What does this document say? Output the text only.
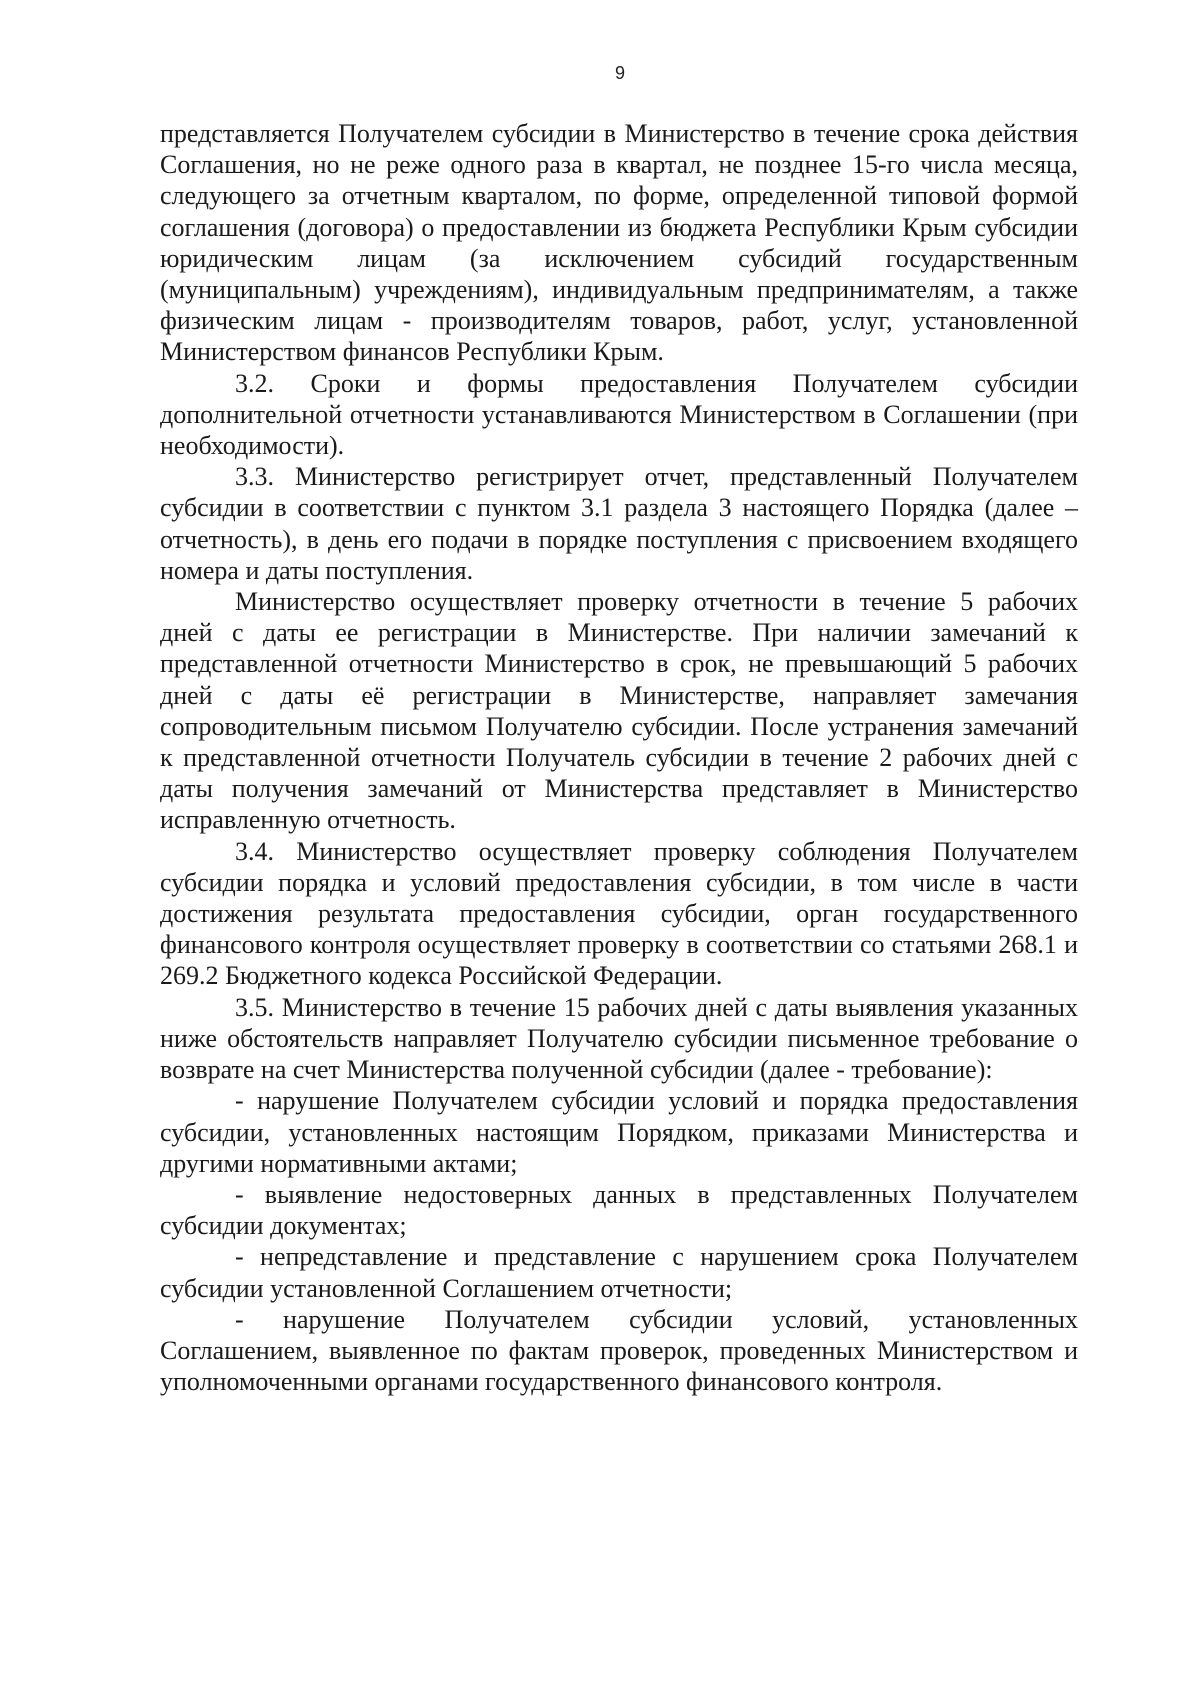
9

представляется Получателем субсидии в Министерство в течение срока действия Соглашения, но не реже одного раза в квартал, не позднее 15-го числа месяца, следующего за отчетным кварталом, по форме, определенной типовой формой соглашения (договора) о предоставлении из бюджета Республики Крым субсидии юридическим лицам (за исключением субсидий государственным (муниципальным) учреждениям), индивидуальным предпринимателям, а также физическим лицам - производителям товаров, работ, услуг, установленной Министерством финансов Республики Крым.

3.2. Сроки и формы предоставления Получателем субсидии дополнительной отчетности устанавливаются Министерством в Соглашении (при необходимости).

3.3. Министерство регистрирует отчет, представленный Получателем субсидии в соответствии с пунктом 3.1 раздела 3 настоящего Порядка (далее – отчетность), в день его подачи в порядке поступления с присвоением входящего номера и даты поступления.

Министерство осуществляет проверку отчетности в течение 5 рабочих дней с даты ее регистрации в Министерстве. При наличии замечаний к представленной отчетности Министерство в срок, не превышающий 5 рабочих дней с даты её регистрации в Министерстве, направляет замечания сопроводительным письмом Получателю субсидии. После устранения замечаний к представленной отчетности Получатель субсидии в течение 2 рабочих дней с даты получения замечаний от Министерства представляет в Министерство исправленную отчетность.

3.4. Министерство осуществляет проверку соблюдения Получателем субсидии порядка и условий предоставления субсидии, в том числе в части достижения результата предоставления субсидии, орган государственного финансового контроля осуществляет проверку в соответствии со статьями 268.1 и 269.2 Бюджетного кодекса Российской Федерации.

3.5. Министерство в течение 15 рабочих дней с даты выявления указанных ниже обстоятельств направляет Получателю субсидии письменное требование о возврате на счет Министерства полученной субсидии (далее - требование):

- нарушение Получателем субсидии условий и порядка предоставления субсидии, установленных настоящим Порядком, приказами Министерства и другими нормативными актами;

- выявление недостоверных данных в представленных Получателем субсидии документах;

- непредставление и представление с нарушением срока Получателем субсидии установленной Соглашением отчетности;

- нарушение Получателем субсидии условий, установленных Соглашением, выявленное по фактам проверок, проведенных Министерством и уполномоченными органами государственного финансового контроля.
